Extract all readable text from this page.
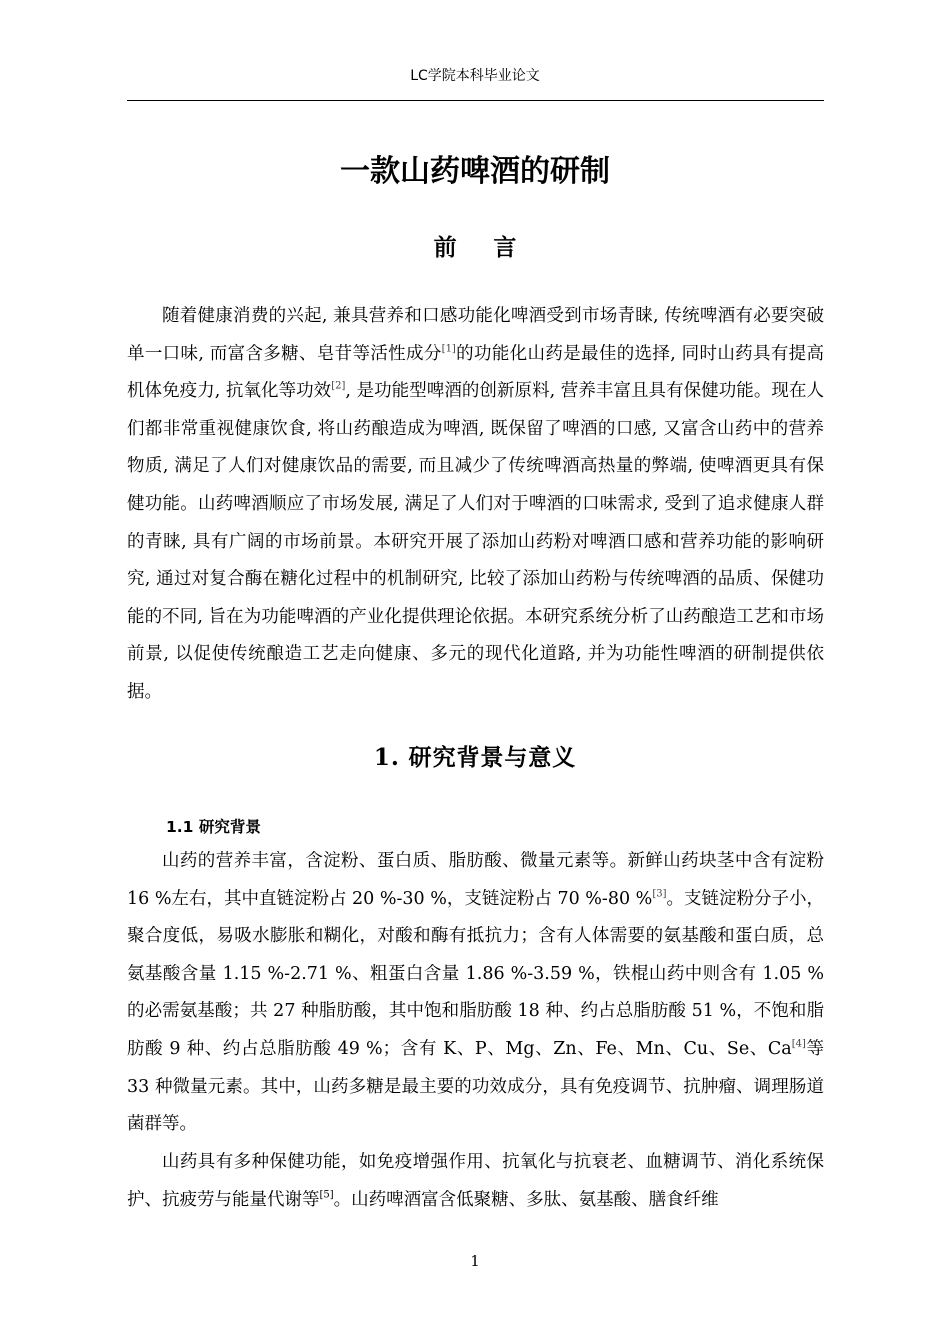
LC学院本科毕业论文
一款山药啤酒的研制
前言

随着健康消费的兴起, 兼具营养和口感功能化啤酒受到市场青睐, 传统啤酒有必要突破单一口味, 而富含多糖、皂苷等活性成分[1]的功能化山药是最佳的选择, 同时山药具有提高机体免疫力, 抗氧化等功效[2], 是功能型啤酒的创新原料, 营养丰富且具有保健功能。现在人们都非常重视健康饮食, 将山药酿造成为啤酒, 既保留了啤酒的口感, 又富含山药中的营养物质, 满足了人们对健康饮品的需要, 而且减少了传统啤酒高热量的弊端, 使啤酒更具有保健功能。山药啤酒顺应了市场发展, 满足了人们对于啤酒的口味需求, 受到了追求健康人群的青睐, 具有广阔的市场前景。本研究开展了添加山药粉对啤酒口感和营养功能的影响研究, 通过对复合酶在糖化过程中的机制研究, 比较了添加山药粉与传统啤酒的品质、保健功能的不同, 旨在为功能啤酒的产业化提供理论依据。本研究系统分析了山药酿造工艺和市场前景, 以促使传统酿造工艺走向健康、多元的现代化道路, 并为功能性啤酒的研制提供依据。

1. 研究背景与意义
1.1 研究背景

山药的营养丰富，含淀粉、蛋白质、脂肪酸、微量元素等。新鲜山药块茎中含有淀粉 16 %左右，其中直链淀粉占 20 %-30 %，支链淀粉占 70 %-80 %[3]。支链淀粉分子小，聚合度低，易吸水膨胀和糊化，对酸和酶有抵抗力；含有人体需要的氨基酸和蛋白质，总氨基酸含量 1.15 %-2.71 %、粗蛋白含量 1.86 %-3.59 %，铁棍山药中则含有 1.05 %的必需氨基酸；共 27 种脂肪酸，其中饱和脂肪酸 18 种、约占总脂肪酸 51 %，不饱和脂肪酸 9 种、约占总脂肪酸 49 %；含有 K、P、Mg、Zn、Fe、Mn、Cu、Se、Ca[4]等 33 种微量元素。其中，山药多糖是最主要的功效成分，具有免疫调节、抗肿瘤、调理肠道菌群等。

山药具有多种保健功能，如免疫增强作用、抗氧化与抗衰老、血糖调节、消化系统保护、抗疲劳与能量代谢等[5]。山药啤酒富含低聚糖、多肽、氨基酸、膳食纤维

1
